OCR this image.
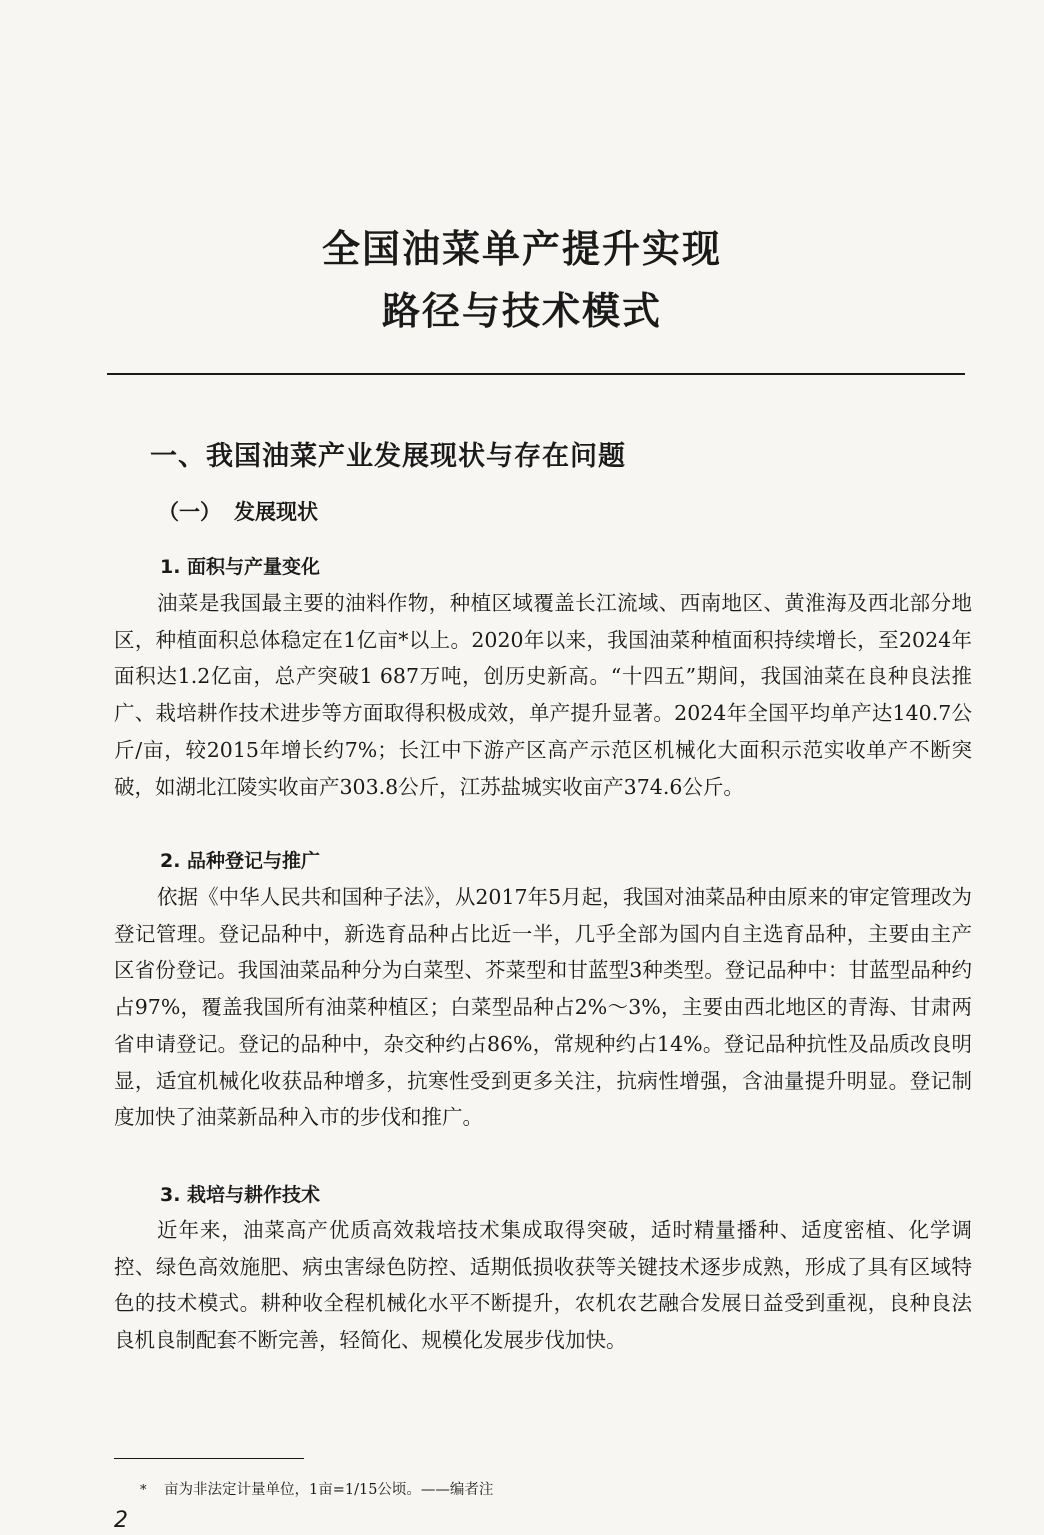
全国油菜单产提升实现
路径与技术模式
一、我国油菜产业发展现状与存在问题
（一） 发展现状
1. 面积与产量变化

油菜是我国最主要的油料作物，种植区域覆盖长江流域、西南地区、黄淮海及西北部分地区，种植面积总体稳定在1亿亩*以上。2020年以来，我国油菜种植面积持续增长，至2024年面积达1.2亿亩，总产突破1 687万吨，创历史新高。“十四五”期间，我国油菜在良种良法推广、栽培耕作技术进步等方面取得积极成效，单产提升显著。2024年全国平均单产达140.7公斤/亩，较2015年增长约7%；长江中下游产区高产示范区机械化大面积示范实收单产不断突破，如湖北江陵实收亩产303.8公斤，江苏盐城实收亩产374.6公斤。

2. 品种登记与推广

依据《中华人民共和国种子法》，从2017年5月起，我国对油菜品种由原来的审定管理改为登记管理。登记品种中，新选育品种占比近一半，几乎全部为国内自主选育品种，主要由主产区省份登记。我国油菜品种分为白菜型、芥菜型和甘蓝型3种类型。登记品种中：甘蓝型品种约占97%，覆盖我国所有油菜种植区；白菜型品种占2%～3%，主要由西北地区的青海、甘肃两省申请登记。登记的品种中，杂交种约占86%，常规种约占14%。登记品种抗性及品质改良明显，适宜机械化收获品种增多，抗寒性受到更多关注，抗病性增强，含油量提升明显。登记制度加快了油菜新品种入市的步伐和推广。

3. 栽培与耕作技术

近年来，油菜高产优质高效栽培技术集成取得突破，适时精量播种、适度密植、化学调控、绿色高效施肥、病虫害绿色防控、适期低损收获等关键技术逐步成熟，形成了具有区域特色的技术模式。耕种收全程机械化水平不断提升，农机农艺融合发展日益受到重视，良种良法良机良制配套不断完善，轻简化、规模化发展步伐加快。

* 亩为非法定计量单位，1亩=1/15公顷。——编者注

2
